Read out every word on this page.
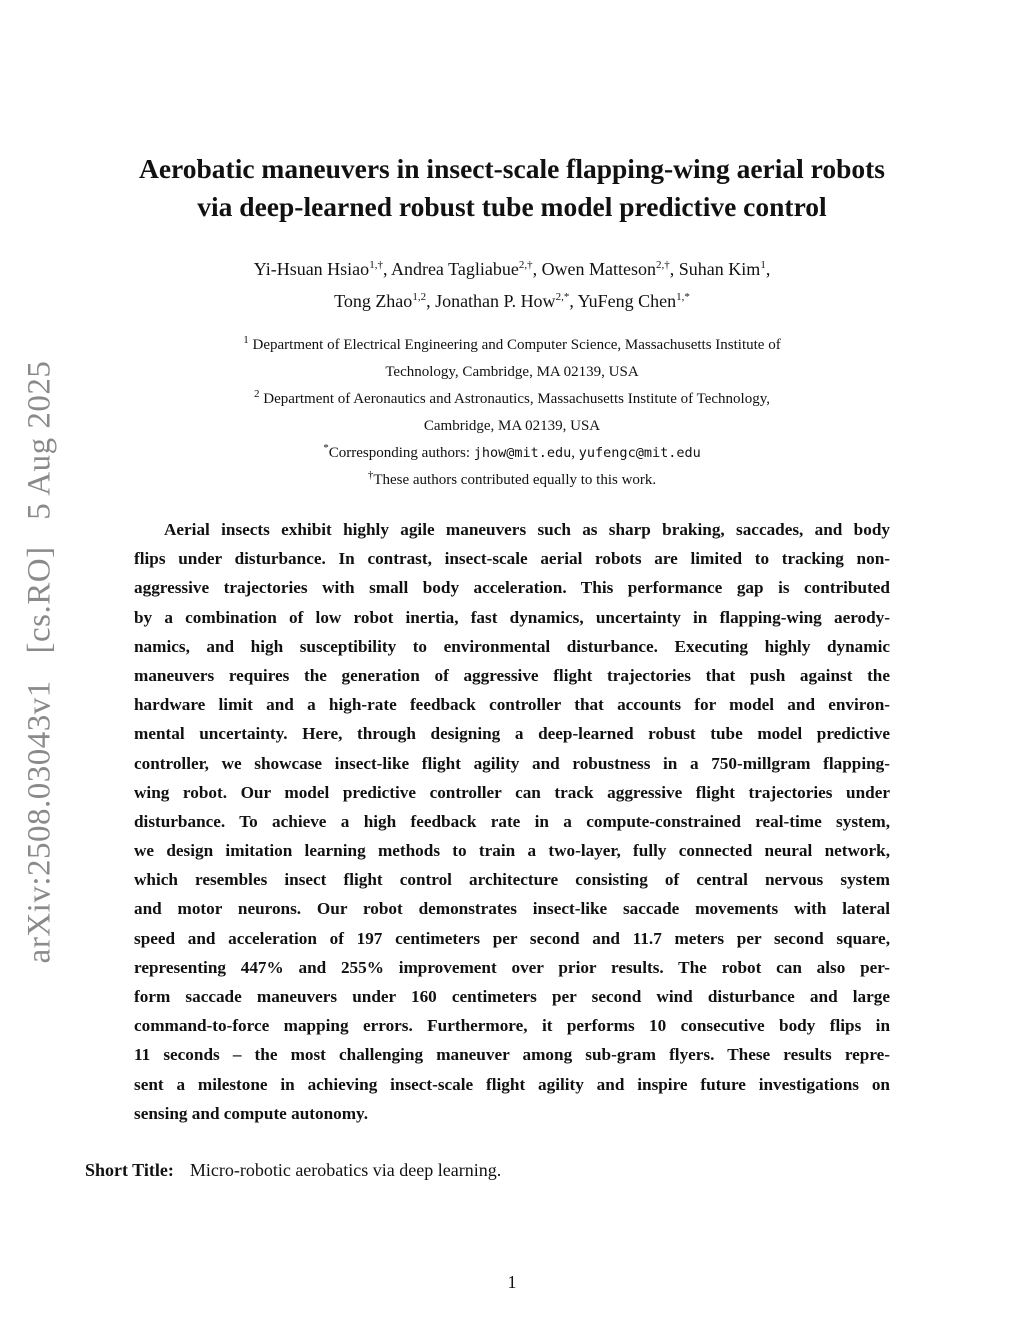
arXiv:2508.03043v1 [cs.RO] 5 Aug 2025
Aerobatic maneuvers in insect-scale flapping-wing aerial robots
via deep-learned robust tube model predictive control
Yi-Hsuan Hsiao$^{1,\dagger}$, Andrea Tagliabue$^{2,\dagger}$, Owen Matteson$^{2,\dagger}$, Suhan Kim$^1$,
Tong Zhao$^{1,2}$, Jonathan P. How$^{2,*}$, YuFeng Chen$^{1,*}$
$^1$ Department of Electrical Engineering and Computer Science, Massachusetts Institute of
Technology, Cambridge, MA 02139, USA
$^2$ Department of Aeronautics and Astronautics, Massachusetts Institute of Technology,
Cambridge, MA 02139, USA
*Corresponding authors: jhow@mit.edu, yufengc@mit.edu
†These authors contributed equally to this work.
Aerial insects exhibit highly agile maneuvers such as sharp braking, saccades, and body
flips under disturbance. In contrast, insect-scale aerial robots are limited to tracking non-
aggressive trajectories with small body acceleration. This performance gap is contributed
by a combination of low robot inertia, fast dynamics, uncertainty in flapping-wing aerody-
namics, and high susceptibility to environmental disturbance. Executing highly dynamic
maneuvers requires the generation of aggressive flight trajectories that push against the
hardware limit and a high-rate feedback controller that accounts for model and environ-
mental uncertainty. Here, through designing a deep-learned robust tube model predictive
controller, we showcase insect-like flight agility and robustness in a 750-millgram flapping-
wing robot. Our model predictive controller can track aggressive flight trajectories under
disturbance. To achieve a high feedback rate in a compute-constrained real-time system,
we design imitation learning methods to train a two-layer, fully connected neural network,
which resembles insect flight control architecture consisting of central nervous system
and motor neurons. Our robot demonstrates insect-like saccade movements with lateral
speed and acceleration of 197 centimeters per second and 11.7 meters per second square,
representing 447% and 255% improvement over prior results. The robot can also per-
form saccade maneuvers under 160 centimeters per second wind disturbance and large
command-to-force mapping errors. Furthermore, it performs 10 consecutive body flips in
11 seconds – the most challenging maneuver among sub-gram flyers. These results repre-
sent a milestone in achieving insect-scale flight agility and inspire future investigations on
sensing and compute autonomy.
Short Title: Micro-robotic aerobatics via deep learning.
1
